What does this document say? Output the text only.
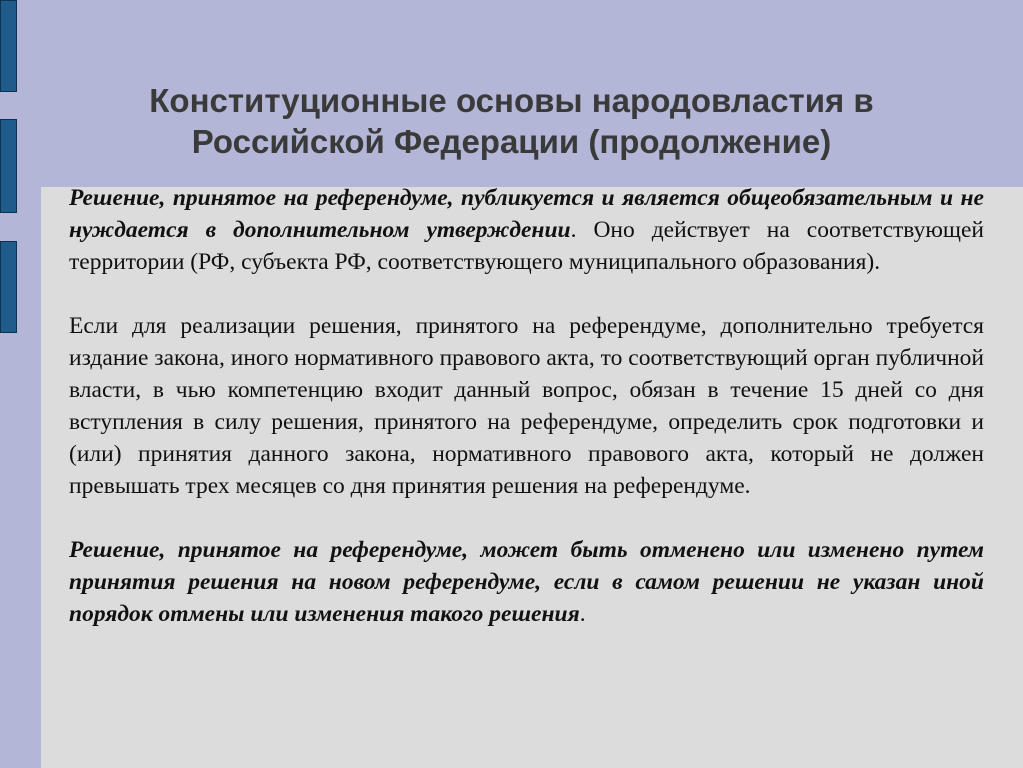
Конституционные основы народовластия в
Российской Федерации (продолжение)

Решение, принятое на референдуме, публикуется и является общеобязательным и не нуждается в дополнительном утверждении. Оно действует на соответствующей территории (РФ, субъекта РФ, соответствующего муниципального образования).

Если для реализации решения, принятого на референдуме, дополнительно требуется издание закона, иного нормативного правового акта, то соответствующий орган публичной власти, в чью компетенцию входит данный вопрос, обязан в течение 15 дней со дня вступления в силу решения, принятого на референдуме, определить срок подготовки и (или) принятия данного закона, нормативного правового акта, который не должен превышать трех месяцев со дня принятия решения на референдуме.

Решение, принятое на референдуме, может быть отменено или изменено путем принятия решения на новом референдуме, если в самом решении не указан иной порядок отмены или изменения такого решения.
